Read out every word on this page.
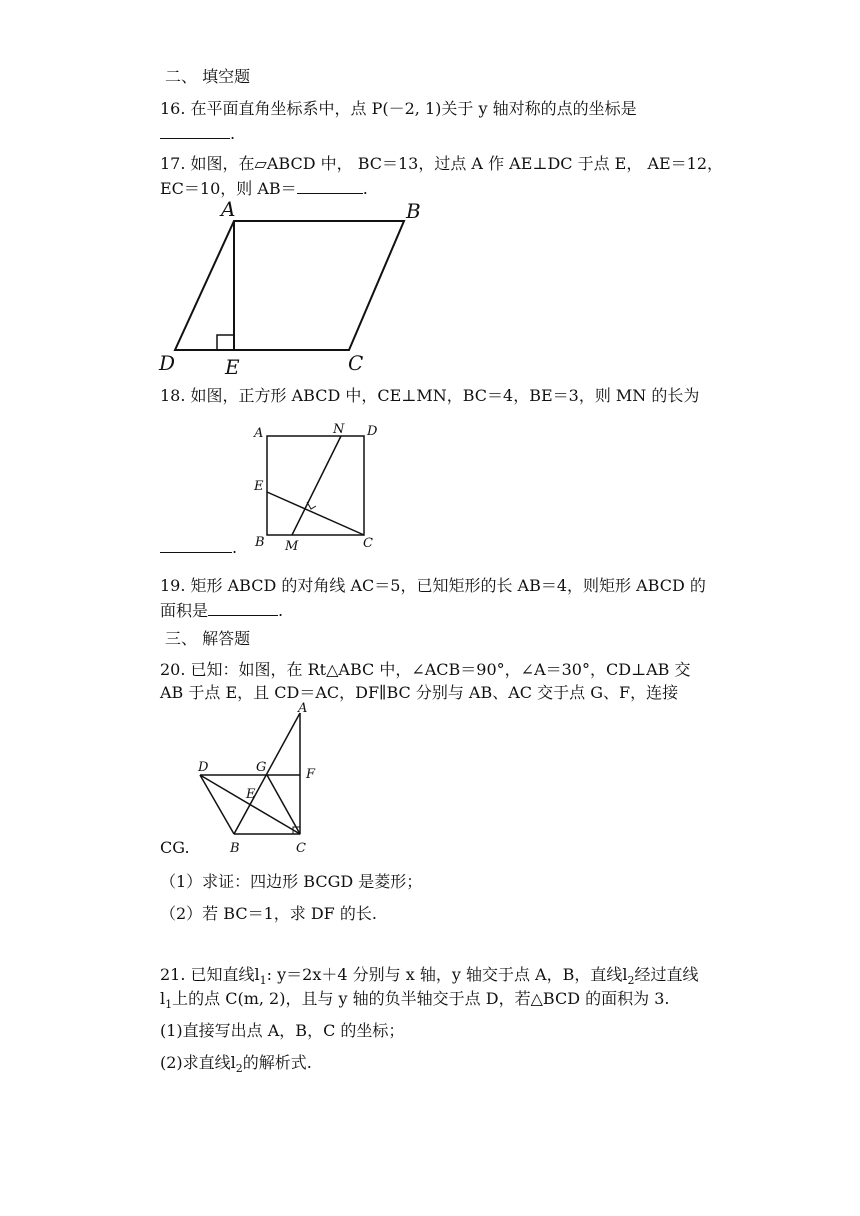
二、 填空题
16. 在平面直角坐标系中，点 P(－2, 1)关于 y 轴对称的点的坐标是
.
17. 如图，在▱ABCD 中， BC＝13，过点 A 作 AE⊥DC 于点 E， AE＝12，
EC＝10，则 AB＝	.
A	B
C
D E
18. 如图，正方形 ABCD 中，CE⊥MN，BC＝4，BE＝3，则 MN 的长为
A	N D
E
B M	C
.
19. 矩形 ABCD 的对角线 AC＝5，已知矩形的长 AB＝4，则矩形 ABCD 的
面积是	.
三、 解答题
20. 已知：如图，在 Rt△ABC 中，∠ACB＝90°，∠A＝30°，CD⊥AB 交
AB 于点 E，且 CD＝AC，DF∥BC 分别与 AB、AC 交于点 G、F，连接
A
D	G	F
E
B	C
CG.
（1）求证：四边形 BCGD 是菱形；
（2）若 BC＝1，求 DF 的长.
21. 已知直线$l_1$: y＝2x＋4 分别与 x 轴，y 轴交于点 A，B，直线$l_2$经过直线
$l_1$上的点 C(m, 2)，且与 y 轴的负半轴交于点 D，若△BCD 的面积为 3.
(1)直接写出点 A，B，C 的坐标；
(2)求直线$l_2$的解析式.
